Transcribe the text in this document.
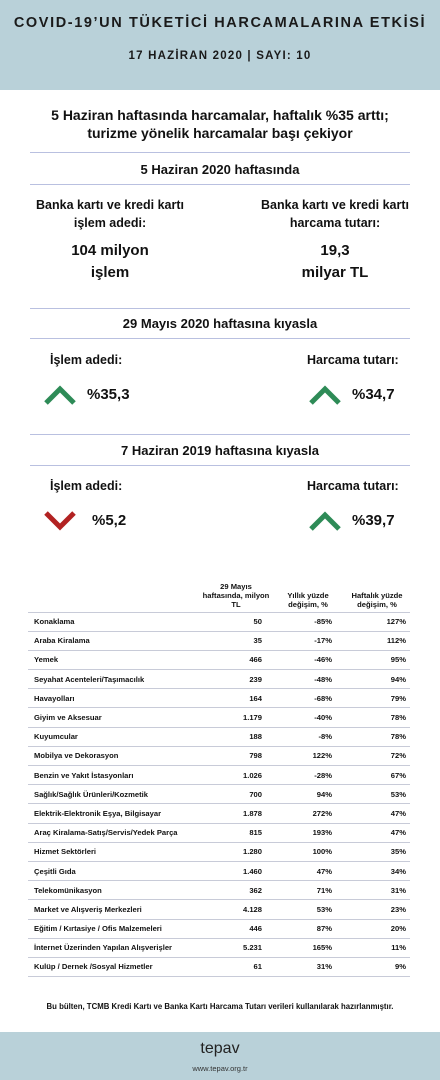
COVID-19’UN TÜKETİCİ HARCAMALARINA ETKİSİ
17 HAZİRAN 2020 | SAYI: 10
5 Haziran haftasında harcamalar, haftalık %35 arttı;
turizme yönelik harcamalar başı çekiyor
5 Haziran 2020 haftasında
Banka kartı ve kredi kartı
işlem adedi:
104 milyon
işlem
Banka kartı ve kredi kartı
harcama tutarı:
19,3
milyar TL
29 Mayıs 2020 haftasına kıyasla
İşlem adedi:
%35,3
Harcama tutarı:
%34,7
7 Haziran 2019 haftasına kıyasla
İşlem adedi:
%5,2
Harcama tutarı:
%39,7
	29 Mayıs haftasında, milyon TL	Yıllık yüzde değişim, %	Haftalık yüzde değişim, %
Konaklama	50	-85%	127%
Araba Kiralama	35	-17%	112%
Yemek	466	-46%	95%
Seyahat Acenteleri/Taşımacılık	239	-48%	94%
Havayolları	164	-68%	79%
Giyim ve Aksesuar	1.179	-40%	78%
Kuyumcular	188	-8%	78%
Mobilya ve Dekorasyon	798	122%	72%
Benzin ve Yakıt İstasyonları	1.026	-28%	67%
Sağlık/Sağlık Ürünleri/Kozmetik	700	94%	53%
Elektrik-Elektronik Eşya, Bilgisayar	1.878	272%	47%
Araç Kiralama-Satış/Servis/Yedek Parça	815	193%	47%
Hizmet Sektörleri	1.280	100%	35%
Çeşitli Gıda	1.460	47%	34%
Telekomünikasyon	362	71%	31%
Market ve Alışveriş Merkezleri	4.128	53%	23%
Eğitim / Kırtasiye / Ofis Malzemeleri	446	87%	20%
İnternet Üzerinden Yapılan Alışverişler	5.231	165%	11%
Kulüp / Dernek /Sosyal Hizmetler	61	31%	9%
Bu bülten, TCMB Kredi Kartı ve Banka Kartı Harcama Tutarı verileri kullanılarak hazırlanmıştır.
tepav
www.tepav.org.tr
